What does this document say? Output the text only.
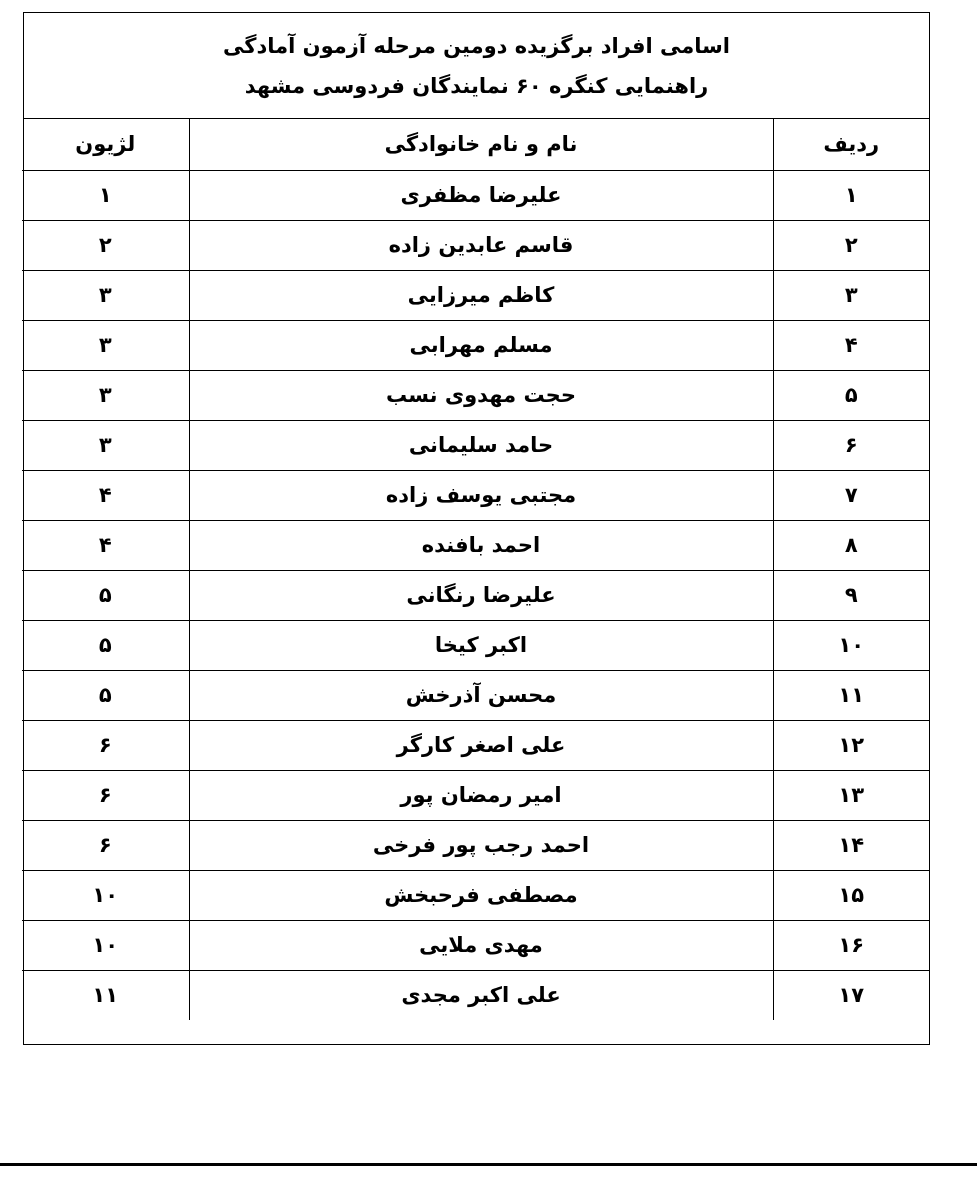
اسامی افراد برگزیده دومین مرحله آزمون آمادگی
راهنمایی کنگره ۶۰ نمایندگان فردوسی مشهد
ردیف	نام و نام خانوادگی	لژیون
۱	علیرضا مظفری	۱
۲	قاسم عابدین زاده	۲
۳	کاظم میرزایی	۳
۴	مسلم مهرابی	۳
۵	حجت مهدوی نسب	۳
۶	حامد سلیمانی	۳
۷	مجتبی یوسف زاده	۴
۸	احمد بافنده	۴
۹	علیرضا رنگانی	۵
۱۰	اکبر کیخا	۵
۱۱	محسن آذرخش	۵
۱۲	علی اصغر کارگر	۶
۱۳	امیر رمضان پور	۶
۱۴	احمد رجب پور فرخی	۶
۱۵	مصطفی فرحبخش	۱۰
۱۶	مهدی ملایی	۱۰
۱۷	علی اکبر مجدی	۱۱
